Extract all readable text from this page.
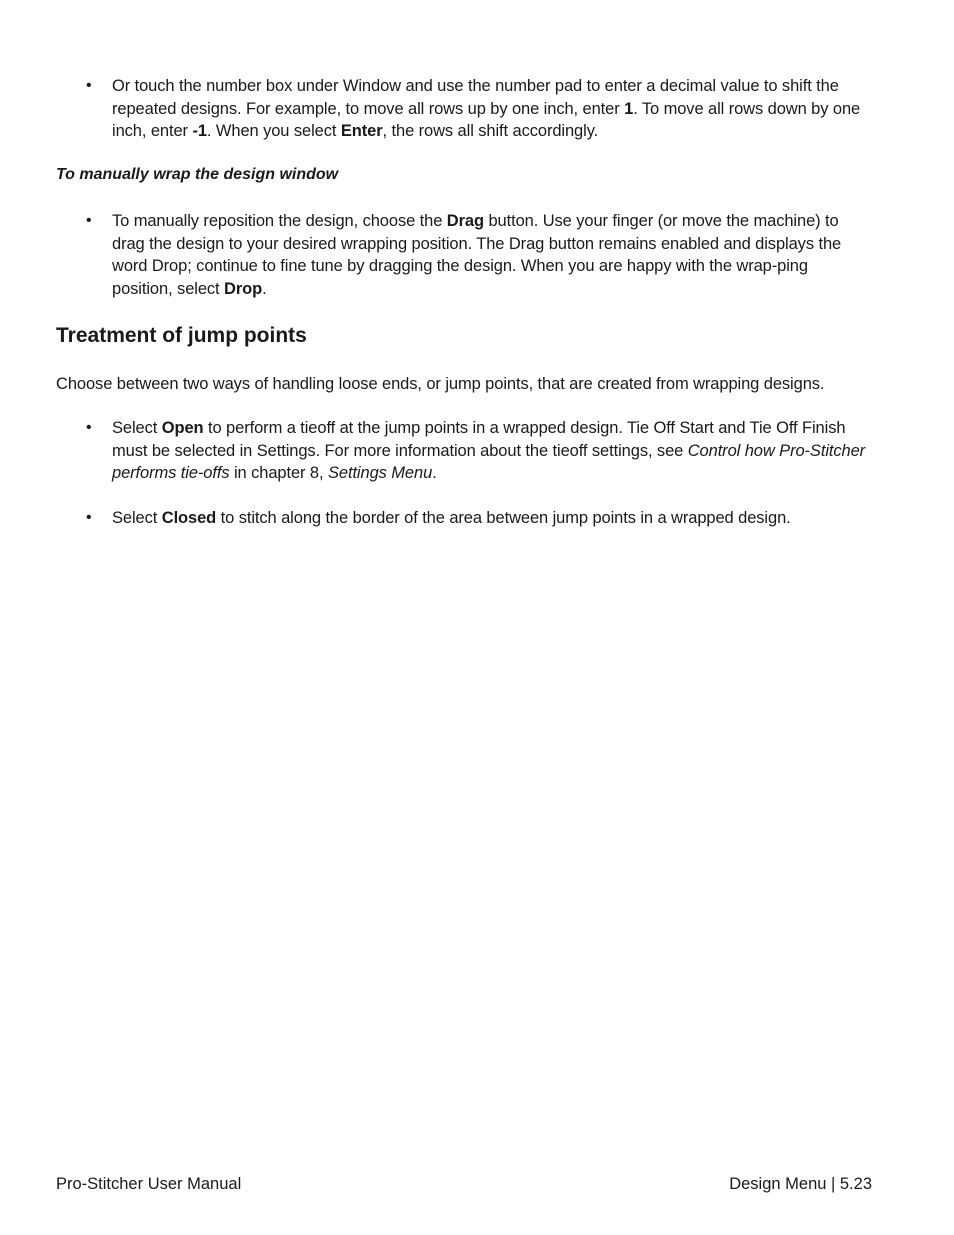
•	Or touch the number box under Window and use the number pad to enter a decimal value to shift the repeated designs. For example, to move all rows up by one inch, enter 1. To move all rows down by one inch, enter -1. When you select Enter, the rows all shift accordingly.
To manually wrap the design window
•	To manually reposition the design, choose the Drag button. Use your finger (or move the machine) to drag the design to your desired wrapping position. The Drag button remains enabled and displays the word Drop; continue to fine tune by dragging the design. When you are happy with the wrap-ping position, select Drop.
Treatment of jump points
Choose between two ways of handling loose ends, or jump points, that are created from wrapping designs.
•	Select Open to perform a tieoff at the jump points in a wrapped design. Tie Off Start and Tie Off Finish must be selected in Settings. For more information about the tieoff settings, see Control how Pro-Stitcher performs tie-offs in chapter 8, Settings Menu.
•	Select Closed to stitch along the border of the area between jump points in a wrapped design.
Pro-Stitcher User Manual	Design Menu | 5.23
